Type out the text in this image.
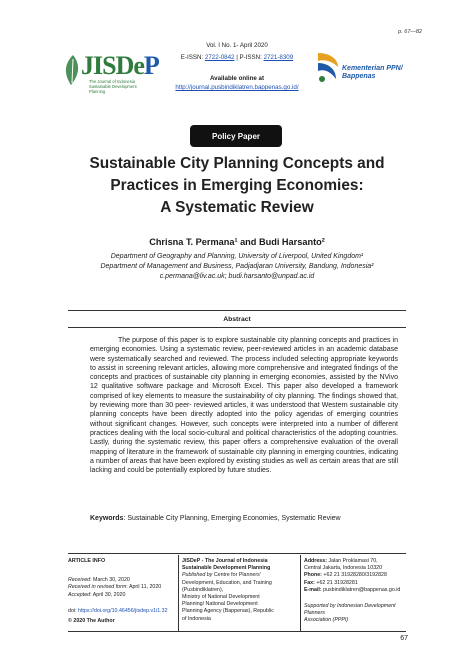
p. 67—82
JISDeP
The Journal of Indonesia
Sustainable Development
Planning
Vol. I No. 1- April 2020
E-ISSN: 2722-0842 | P-ISSN: 2721-8309
Available online at
http://journal.pusbindiklatren.bappenas.go.id/
Kementerian PPN/
Bappenas
Policy Paper
Sustainable City Planning Concepts and
Practices in Emerging Economies:
A Systematic Review
Chrisna T. Permana¹ and Budi Harsanto²
Department of Geography and Planning, University of Liverpool, United Kingdom¹
Department of Management and Business, Padjadjaran University, Bandung, Indonesia²
c.permana@liv.ac.uk; budi.harsanto@unpad.ac.id
Abstract
The purpose of this paper is to explore sustainable city planning concepts and practices in emerging economies. Using a systematic review, peer-reviewed articles in an academic database were systematically searched and reviewed. The process included selecting appropriate keywords to assist in screening relevant articles, allowing more comprehensive and integrated findings of the concepts and practices of sustainable city planning in emerging economies, assisted by the NVivo 12 qualitative software package and Microsoft Excel. This paper also developed a framework comprised of key elements to measure the sustainability of city planning. The findings showed that, by reviewing more than 30 peer- reviewed articles, it was understood that Western sustainable city planning concepts have been directly adopted into the policy agendas of emerging countries without significant changes. However, such concepts were interpreted into a number of different practices dealing with the local socio-cultural and political characteristics of the adopting countries. Lastly, during the systematic review, this paper offers a comprehensive evaluation of the overall mapping of literature in the framework of sustainable city planning in emerging countries, indicating a number of areas that have been explored by existing studies as well as certain areas that are still lacking and could be potentially explored by future studies.
Keywords: Sustainable City Planning, Emerging Economies, Systematic Review
ARTICLE INFO
Received: March 30, 2020
Received in revised form: April 11, 2020
Accepted: April 30, 2020
doi: https://doi.org/10.46456/jisdep.v1i1.32
© 2020 The Author
JISDeP - The Journal of Indonesia
Sustainable Development Planning
Published by Centre for Planners'
Development, Education, and Training
(Pusbindiklatren),
Ministry of National Development
Planning/ National Development
Planning Agency (Bappenas), Republic
of Indonesia
Address: Jalan Proklamasi 70,
Central Jakarta, Indonesia 10320
Phone: +62 21 31928280/3192828
Fax: +62 21 31928281
E-mail: pusbindiklatren@bappenas.go.id
Supported by Indonesian Development Planners
Association (PPPI)
67
